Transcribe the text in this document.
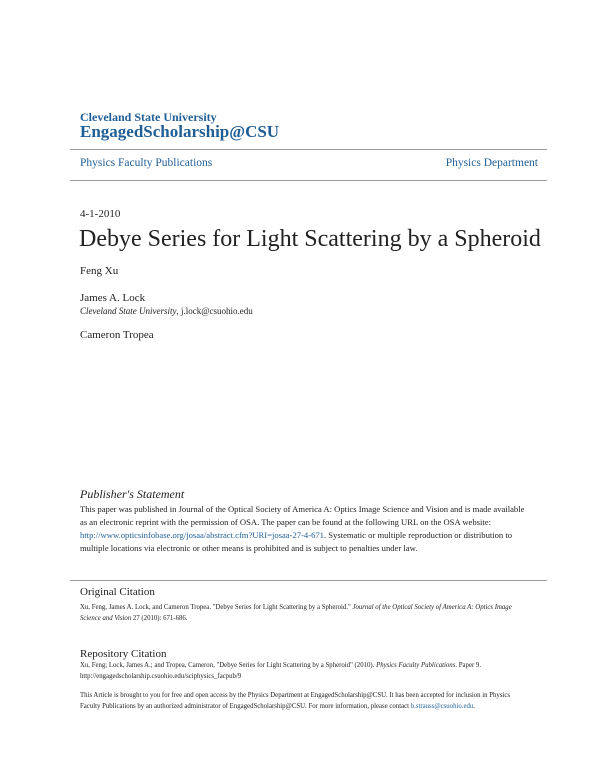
Cleveland State University
EngagedScholarship@CSU
Physics Faculty Publications	Physics Department
4-1-2010
Debye Series for Light Scattering by a Spheroid
Feng Xu
James A. Lock
Cleveland State University, j.lock@csuohio.edu
Cameron Tropea
Publisher's Statement
This paper was published in Journal of the Optical Society of America A: Optics Image Science and Vision and is made available as an electronic reprint with the permission of OSA. The paper can be found at the following URL on the OSA website: http://www.opticsinfobase.org/josaa/abstract.cfm?URI=josaa-27-4-671. Systematic or multiple reproduction or distribution to multiple locations via electronic or other means is prohibited and is subject to penalties under law.
Original Citation
Xu, Feng, James A. Lock, and Cameron Tropea. "Debye Series for Light Scattering by a Spheroid." Journal of the Optical Society of America A: Optics Image Science and Vision 27 (2010): 671-686.
Repository Citation
Xu, Feng; Lock, James A.; and Tropea, Cameron, "Debye Series for Light Scattering by a Spheroid" (2010). Physics Faculty Publications. Paper 9.
http://engagedscholarship.csuohio.edu/sciphysics_facpub/9
This Article is brought to you for free and open access by the Physics Department at EngagedScholarship@CSU. It has been accepted for inclusion in Physics Faculty Publications by an authorized administrator of EngagedScholarship@CSU. For more information, please contact b.strauss@csuohio.edu.
